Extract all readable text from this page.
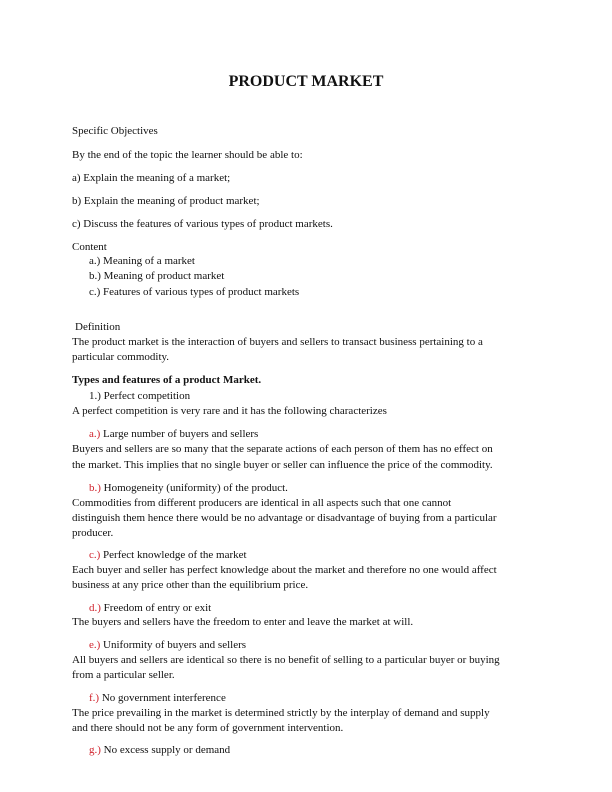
PRODUCT MARKET
Specific Objectives
By the end of the topic the learner should be able to:
a) Explain the meaning of a market;
b) Explain the meaning of product market;
c) Discuss the features of various types of product markets.
Content
a.) Meaning of a market
b.) Meaning of product market
c.) Features of various types of product markets
Definition
The product market is the interaction of buyers and sellers to transact business pertaining to a
particular commodity.
Types and features of a product Market.
1.) Perfect competition
A perfect competition is very rare and it has the following characterizes
a.) Large number of buyers and sellers
Buyers and sellers are so many that the separate actions of each person of them has no effect on
the market. This implies that no single buyer or seller can influence the price of the commodity.
b.) Homogeneity (uniformity) of the product.
Commodities from different producers are identical in all aspects such that one cannot
distinguish them hence there would be no advantage or disadvantage of buying from a particular
producer.
c.) Perfect knowledge of the market
Each buyer and seller has perfect knowledge about the market and therefore no one would affect
business at any price other than the equilibrium price.
d.) Freedom of entry or exit
The buyers and sellers have the freedom to enter and leave the market at will.
e.) Uniformity of buyers and sellers
All buyers and sellers are identical so there is no benefit of selling to a particular buyer or buying
from a particular seller.
f.) No government interference
The price prevailing in the market is determined strictly by the interplay of demand and supply
and there should not be any form of government intervention.
g.) No excess supply or demand
